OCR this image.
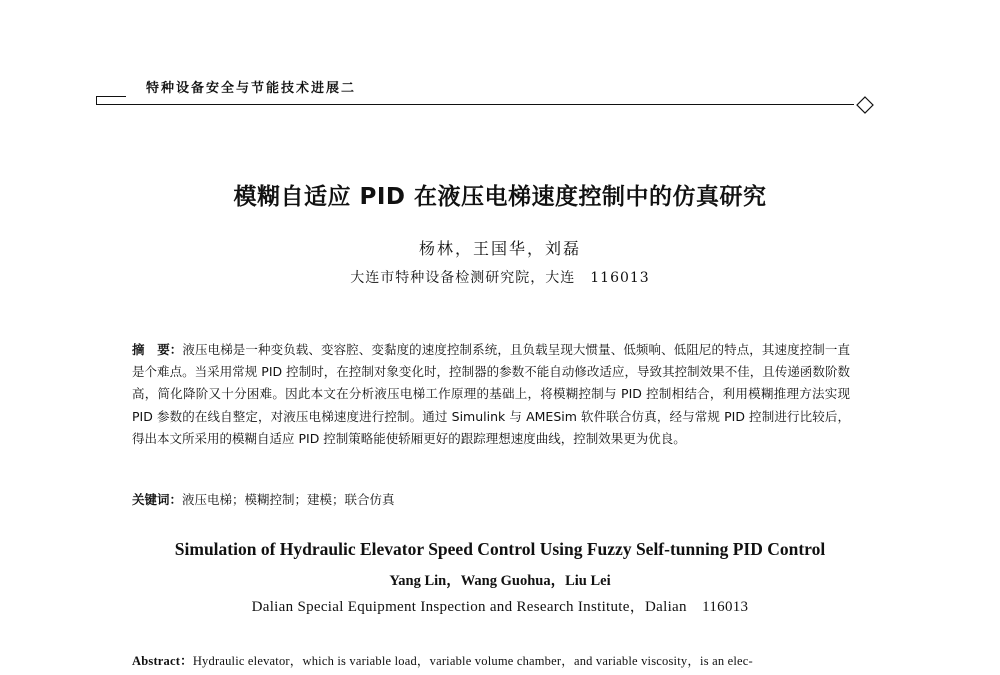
特种设备安全与节能技术进展二
模糊自适应 PID 在液压电梯速度控制中的仿真研究
杨林，王国华，刘磊
大连市特种设备检测研究院，大连　116013
摘　要：液压电梯是一种变负载、变容腔、变黏度的速度控制系统，且负载呈现大惯量、低频响、低阻尼的特点，其速度控制一直是个难点。当采用常规 PID 控制时，在控制对象变化时，控制器的参数不能自动修改适应，导致其控制效果不佳，且传递函数阶数高，简化降阶又十分困难。因此本文在分析液压电梯工作原理的基础上，将模糊控制与 PID 控制相结合，利用模糊推理方法实现 PID 参数的在线自整定，对液压电梯速度进行控制。通过 Simulink 与 AMESim 软件联合仿真，经与常规 PID 控制进行比较后，得出本文所采用的模糊自适应 PID 控制策略能使轿厢更好的跟踪理想速度曲线，控制效果更为优良。
关键词：液压电梯；模糊控制；建模；联合仿真
Simulation of Hydraulic Elevator Speed Control Using Fuzzy Self-tunning PID Control
Yang Lin，Wang Guohua，Liu Lei
Dalian Special Equipment Inspection and Research Institute，Dalian　116013
Abstract：Hydraulic elevator，which is variable load，variable volume chamber，and variable viscosity，is an elec-
